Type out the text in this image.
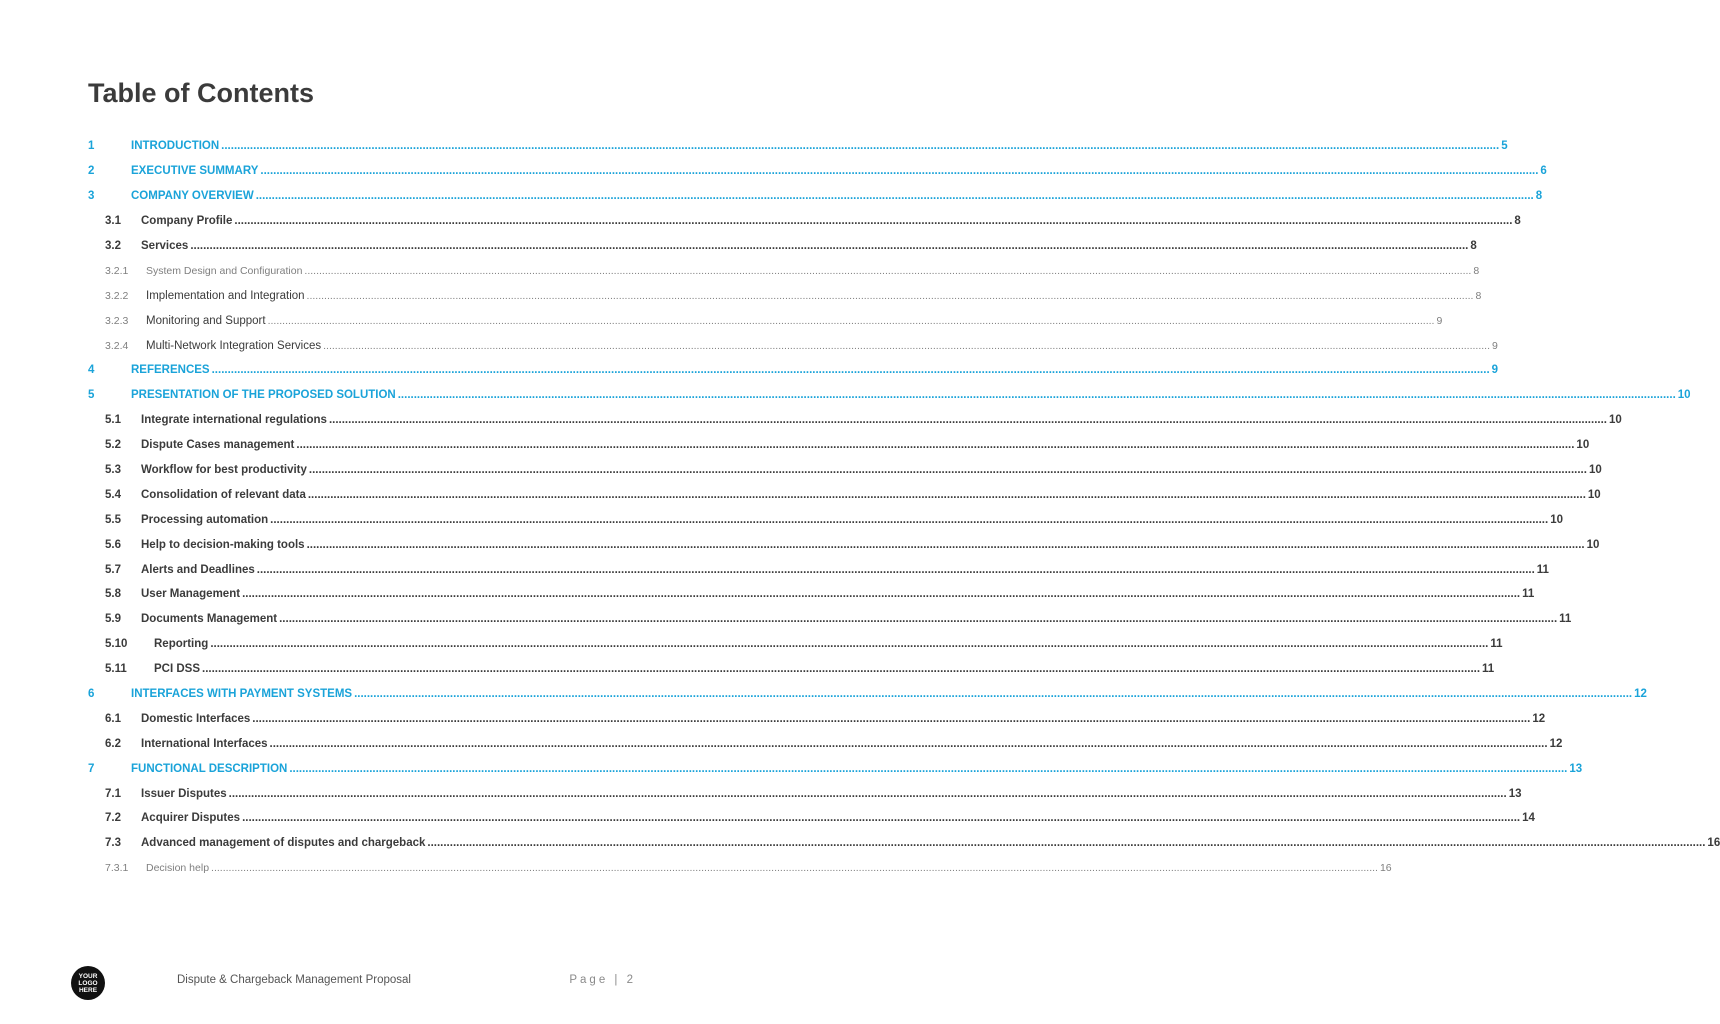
Table of Contents
1	INTRODUCTION ................................................................................................................................................................................................................................................................................................................................................................................................................ 5
2	EXECUTIVE SUMMARY ................................................................................................................................................................................................................................................................................................................................................................................................................ 6
3	COMPANY OVERVIEW ................................................................................................................................................................................................................................................................................................................................................................................................................ 8
3.1 Company Profile ................................................................................................................................................................................................................................................................................................................................................................................................................ 8
3.2 Services ................................................................................................................................................................................................................................................................................................................................................................................................................ 8
3.2.1 System Design and Configuration ................................................................................................................................................................................................................................................................................................................................................................................................................ 8
3.2.2 Implementation and Integration ................................................................................................................................................................................................................................................................................................................................................................................................................ 8
3.2.3 Monitoring and Support ................................................................................................................................................................................................................................................................................................................................................................................................................ 9
3.2.4 Multi-Network Integration Services ................................................................................................................................................................................................................................................................................................................................................................................................................ 9
4	REFERENCES ................................................................................................................................................................................................................................................................................................................................................................................................................ 9
5	PRESENTATION OF THE PROPOSED SOLUTION ................................................................................................................................................................................................................................................................................................................................................................................................................ 10
5.1 Integrate international regulations ................................................................................................................................................................................................................................................................................................................................................................................................................ 10
5.2 Dispute Cases management ................................................................................................................................................................................................................................................................................................................................................................................................................ 10
5.3 Workflow for best productivity ................................................................................................................................................................................................................................................................................................................................................................................................................ 10
5.4 Consolidation of relevant data ................................................................................................................................................................................................................................................................................................................................................................................................................ 10
5.5 Processing automation ................................................................................................................................................................................................................................................................................................................................................................................................................ 10
5.6 Help to decision-making tools ................................................................................................................................................................................................................................................................................................................................................................................................................ 10
5.7 Alerts and Deadlines ................................................................................................................................................................................................................................................................................................................................................................................................................ 11
5.8 User Management ................................................................................................................................................................................................................................................................................................................................................................................................................ 11
5.9 Documents Management ................................................................................................................................................................................................................................................................................................................................................................................................................ 11
5.10 Reporting ................................................................................................................................................................................................................................................................................................................................................................................................................ 11
5.11 PCI DSS ................................................................................................................................................................................................................................................................................................................................................................................................................ 11
6	INTERFACES WITH PAYMENT SYSTEMS ................................................................................................................................................................................................................................................................................................................................................................................................................ 12
6.1 Domestic Interfaces ................................................................................................................................................................................................................................................................................................................................................................................................................ 12
6.2 International Interfaces ................................................................................................................................................................................................................................................................................................................................................................................................................ 12
7	FUNCTIONAL DESCRIPTION ................................................................................................................................................................................................................................................................................................................................................................................................................ 13
7.1 Issuer Disputes ................................................................................................................................................................................................................................................................................................................................................................................................................ 13
7.2 Acquirer Disputes ................................................................................................................................................................................................................................................................................................................................................................................................................ 14
7.3 Advanced management of disputes and chargeback ................................................................................................................................................................................................................................................................................................................................................................................................................ 16
7.3.1 Decision help ................................................................................................................................................................................................................................................................................................................................................................................................................ 16
YOUR LOGO HERE
Dispute & Chargeback Management Proposal	Page | 2
